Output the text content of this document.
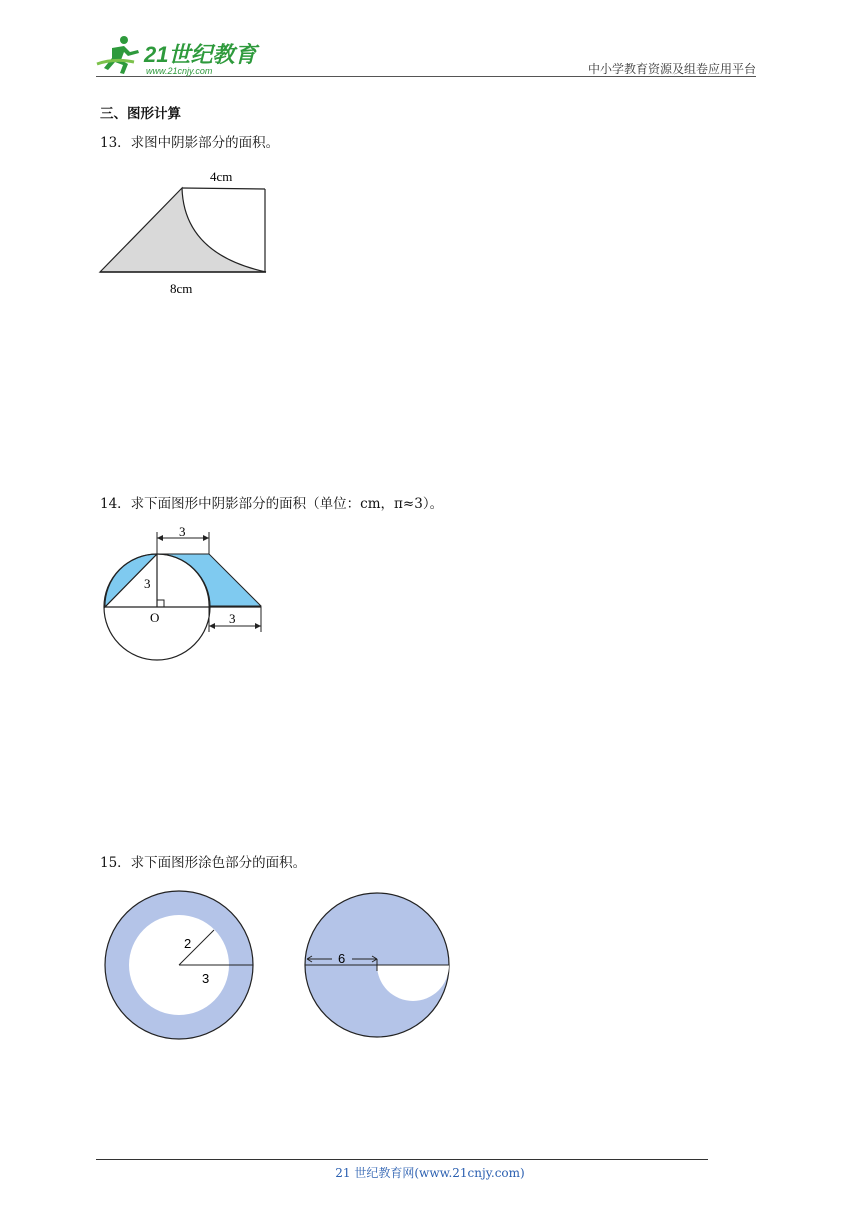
21世纪教育
www.21cnjy.com	中小学教育资源及组卷应用平台
三、图形计算
13．求图中阴影部分的面积。
4cm
8cm
14．求下面图形中阴影部分的面积（单位：cm，π≈3）。
3
3
3
O
15．求下面图形涂色部分的面积。
2
3
6
21 世纪教育网(www.21cnjy.com)
